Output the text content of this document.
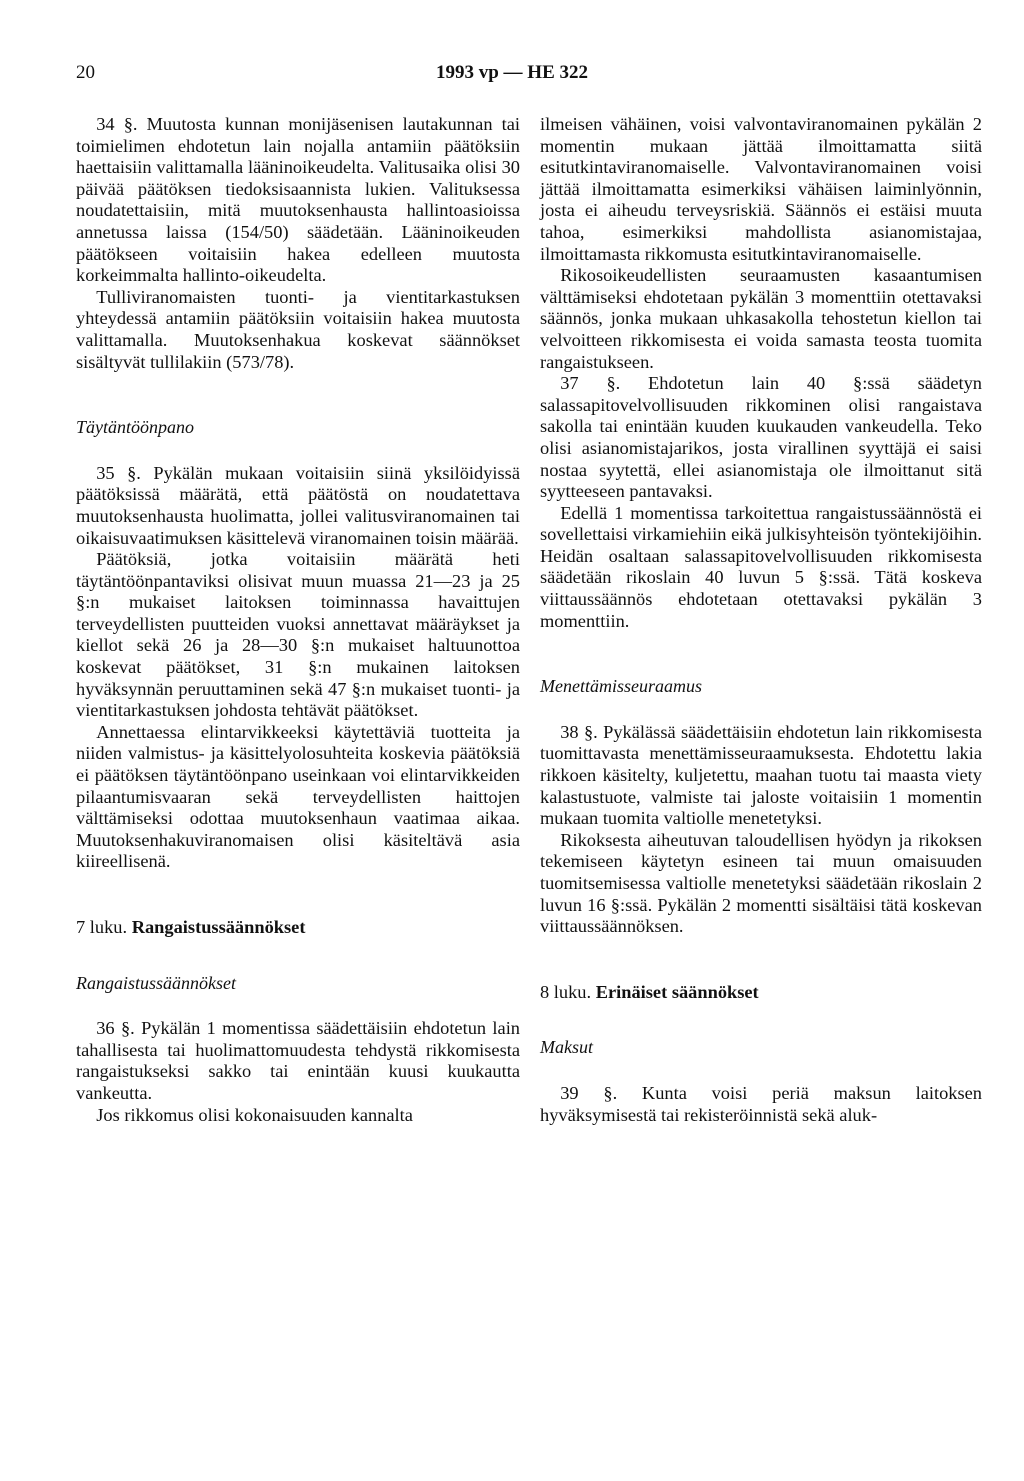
20	1993 vp — HE 322

34 §. Muutosta kunnan monijäsenisen lautakunnan tai toimielimen ehdotetun lain nojalla antamiin päätöksiin haettaisiin valittamalla lääninoikeudelta. Valitusaika olisi 30 päivää päätöksen tiedoksisaannista lukien. Valituksessa noudatettaisiin, mitä muutoksenhausta hallintoasioissa annetussa laissa (154/50) säädetään. Lääninoikeuden päätökseen voitaisiin hakea edelleen muutosta korkeimmalta hallinto-oikeudelta.

Tulliviranomaisten tuonti- ja vientitarkastuksen yhteydessä antamiin päätöksiin voitaisiin hakea muutosta valittamalla. Muutoksenhakua koskevat säännökset sisältyvät tullilakiin (573/78).

Täytäntöönpano

35 §. Pykälän mukaan voitaisiin siinä yksilöidyissä päätöksissä määrätä, että päätöstä on noudatettava muutoksenhausta huolimatta, jollei valitusviranomainen tai oikaisuvaatimuksen käsittelevä viranomainen toisin määrää.

Päätöksiä, jotka voitaisiin määrätä heti täytäntöönpantaviksi olisivat muun muassa 21—23 ja 25 §:n mukaiset laitoksen toiminnassa havaittujen terveydellisten puutteiden vuoksi annettavat määräykset ja kiellot sekä 26 ja 28—30 §:n mukaiset haltuunottoa koskevat päätökset, 31 §:n mukainen laitoksen hyväksynnän peruuttaminen sekä 47 §:n mukaiset tuonti- ja vientitarkastuksen johdosta tehtävät päätökset.

Annettaessa elintarvikkeeksi käytettäviä tuotteita ja niiden valmistus- ja käsittelyolosuhteita koskevia päätöksiä ei päätöksen täytäntöönpano useinkaan voi elintarvikkeiden pilaantumisvaaran sekä terveydellisten haittojen välttämiseksi odottaa muutoksenhaun vaatimaa aikaa. Muutoksenhakuviranomaisen olisi käsiteltävä asia kiireellisenä.

7 luku. Rangaistussäännökset

Rangaistussäännökset

36 §. Pykälän 1 momentissa säädettäisiin ehdotetun lain tahallisesta tai huolimattomuudesta tehdystä rikkomisesta rangaistukseksi sakko tai enintään kuusi kuukautta vankeutta.

Jos rikkomus olisi kokonaisuuden kannalta

ilmeisen vähäinen, voisi valvontaviranomainen pykälän 2 momentin mukaan jättää ilmoittamatta siitä esitutkintaviranomaiselle. Valvontaviranomainen voisi jättää ilmoittamatta esimerkiksi vähäisen laiminlyönnin, josta ei aiheudu terveysriskiä. Säännös ei estäisi muuta tahoa, esimerkiksi mahdollista asianomistajaa, ilmoittamasta rikkomusta esitutkintaviranomaiselle.

Rikosoikeudellisten seuraamusten kasaantumisen välttämiseksi ehdotetaan pykälän 3 momenttiin otettavaksi säännös, jonka mukaan uhkasakolla tehostetun kiellon tai velvoitteen rikkomisesta ei voida samasta teosta tuomita rangaistukseen.

37 §. Ehdotetun lain 40 §:ssä säädetyn salassapitovelvollisuuden rikkominen olisi rangaistava sakolla tai enintään kuuden kuukauden vankeudella. Teko olisi asianomistajarikos, josta virallinen syyttäjä ei saisi nostaa syytettä, ellei asianomistaja ole ilmoittanut sitä syytteeseen pantavaksi.

Edellä 1 momentissa tarkoitettua rangaistussäännöstä ei sovellettaisi virkamiehiin eikä julkisyhteisön työntekijöihin. Heidän osaltaan salassapitovelvollisuuden rikkomisesta säädetään rikoslain 40 luvun 5 §:ssä. Tätä koskeva viittaussäännös ehdotetaan otettavaksi pykälän 3 momenttiin.

Menettämisseuraamus

38 §. Pykälässä säädettäisiin ehdotetun lain rikkomisesta tuomittavasta menettämisseuraamuksesta. Ehdotettu lakia rikkoen käsitelty, kuljetettu, maahan tuotu tai maasta viety kalastustuote, valmiste tai jaloste voitaisiin 1 momentin mukaan tuomita valtiolle menetetyksi.

Rikoksesta aiheutuvan taloudellisen hyödyn ja rikoksen tekemiseen käytetyn esineen tai muun omaisuuden tuomitsemisessa valtiolle menetetyksi säädetään rikoslain 2 luvun 16 §:ssä. Pykälän 2 momentti sisältäisi tätä koskevan viittaussäännöksen.

8 luku. Erinäiset säännökset

Maksut

39 §. Kunta voisi periä maksun laitoksen hyväksymisestä tai rekisteröinnistä sekä aluk-
